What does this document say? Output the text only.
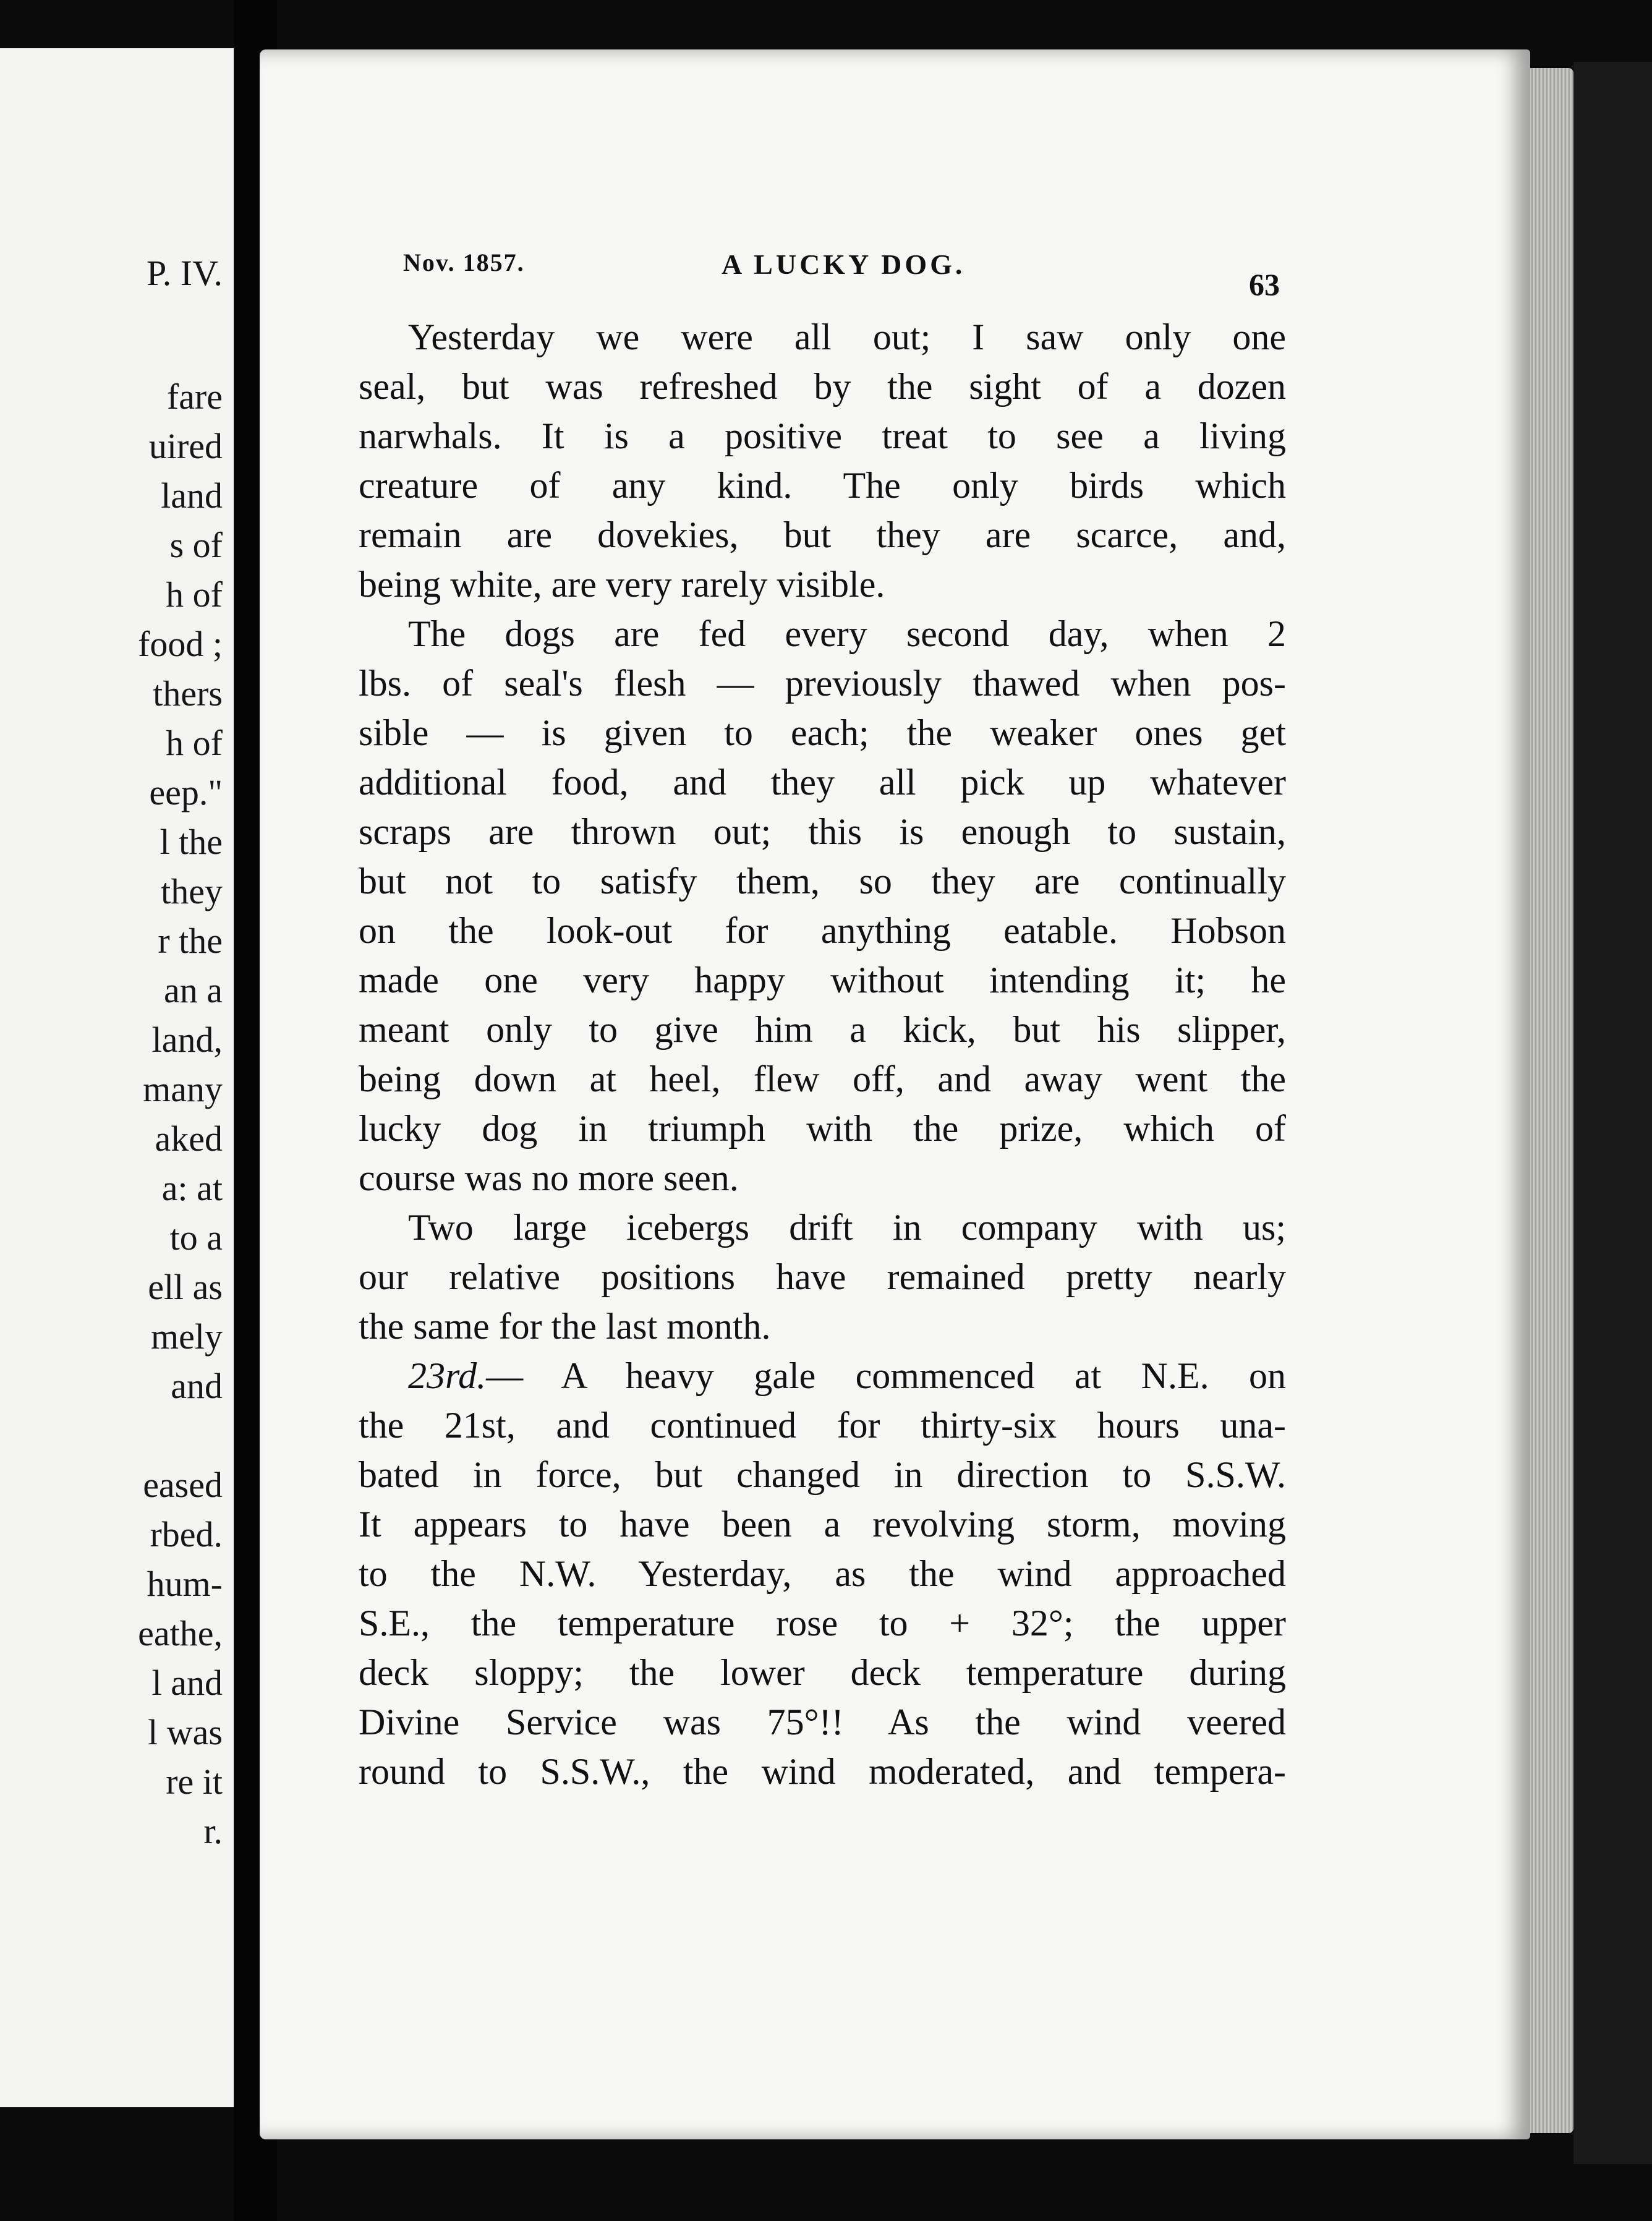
P. IV.
fare
uired
land
s of
h of
food ;
thers
h of
eep."
l the
they
r the
an a
land,
many
aked
a: at
to a
ell as
mely
and
eased
rbed.
hum-
eathe,
l and
l was
re it
r.
Nov. 1857.	A LUCKY DOG.
63
Yesterday we were all out; I saw only one
seal, but was refreshed by the sight of a dozen
narwhals. It is a positive treat to see a living
creature of any kind. The only birds which
remain are dovekies, but they are scarce, and,
being white, are very rarely visible.
The dogs are fed every second day, when 2
lbs. of seal's flesh — previously thawed when pos-
sible — is given to each; the weaker ones get
additional food, and they all pick up whatever
scraps are thrown out; this is enough to sustain,
but not to satisfy them, so they are continually
on the look-out for anything eatable. Hobson
made one very happy without intending it; he
meant only to give him a kick, but his slipper,
being down at heel, flew off, and away went the
lucky dog in triumph with the prize, which of
course was no more seen.
Two large icebergs drift in company with us;
our relative positions have remained pretty nearly
the same for the last month.
23rd.— A heavy gale commenced at N.E. on
the 21st, and continued for thirty-six hours una-
bated in force, but changed in direction to S.S.W.
It appears to have been a revolving storm, moving
to the N.W. Yesterday, as the wind approached
S.E., the temperature rose to + 32°; the upper
deck sloppy; the lower deck temperature during
Divine Service was 75°!! As the wind veered
round to S.S.W., the wind moderated, and tempera-
